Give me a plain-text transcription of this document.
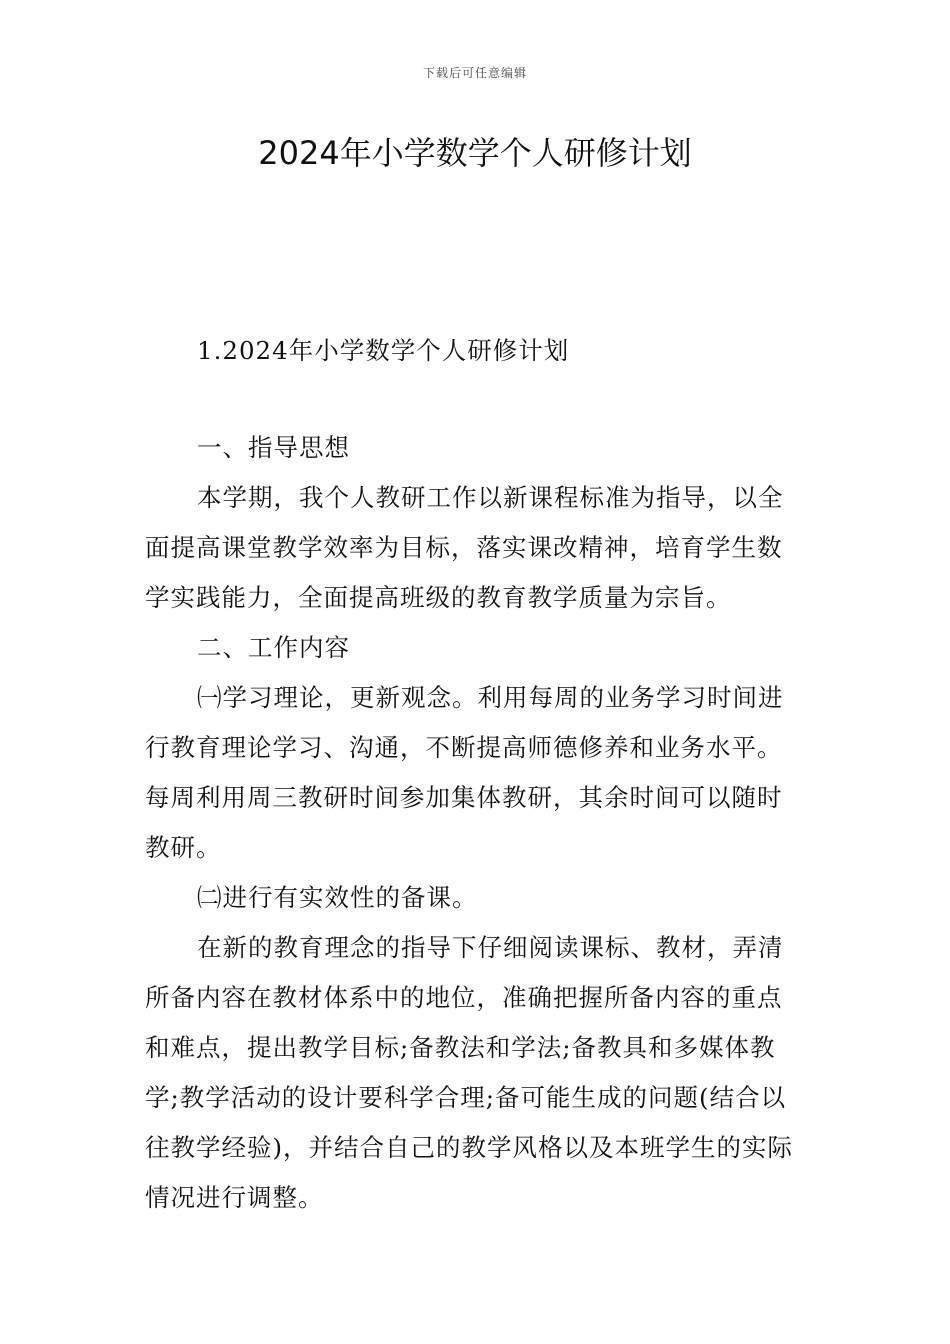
下载后可任意编辑
2024年小学数学个人研修计划

1.2024年小学数学个人研修计划

一、指导思想

本学期，我个人教研工作以新课程标准为指导，以全面提高课堂教学效率为目标，落实课改精神，培育学生数学实践能力，全面提高班级的教育教学质量为宗旨。

二、工作内容

㈠学习理论，更新观念。利用每周的业务学习时间进行教育理论学习、沟通，不断提高师德修养和业务水平。每周利用周三教研时间参加集体教研，其余时间可以随时教研。

㈡进行有实效性的备课。

在新的教育理念的指导下仔细阅读课标、教材，弄清所备内容在教材体系中的地位，准确把握所备内容的重点和难点，提出教学目标;备教法和学法;备教具和多媒体教学;教学活动的设计要科学合理;备可能生成的问题(结合以往教学经验)，并结合自己的教学风格以及本班学生的实际情况进行调整。
